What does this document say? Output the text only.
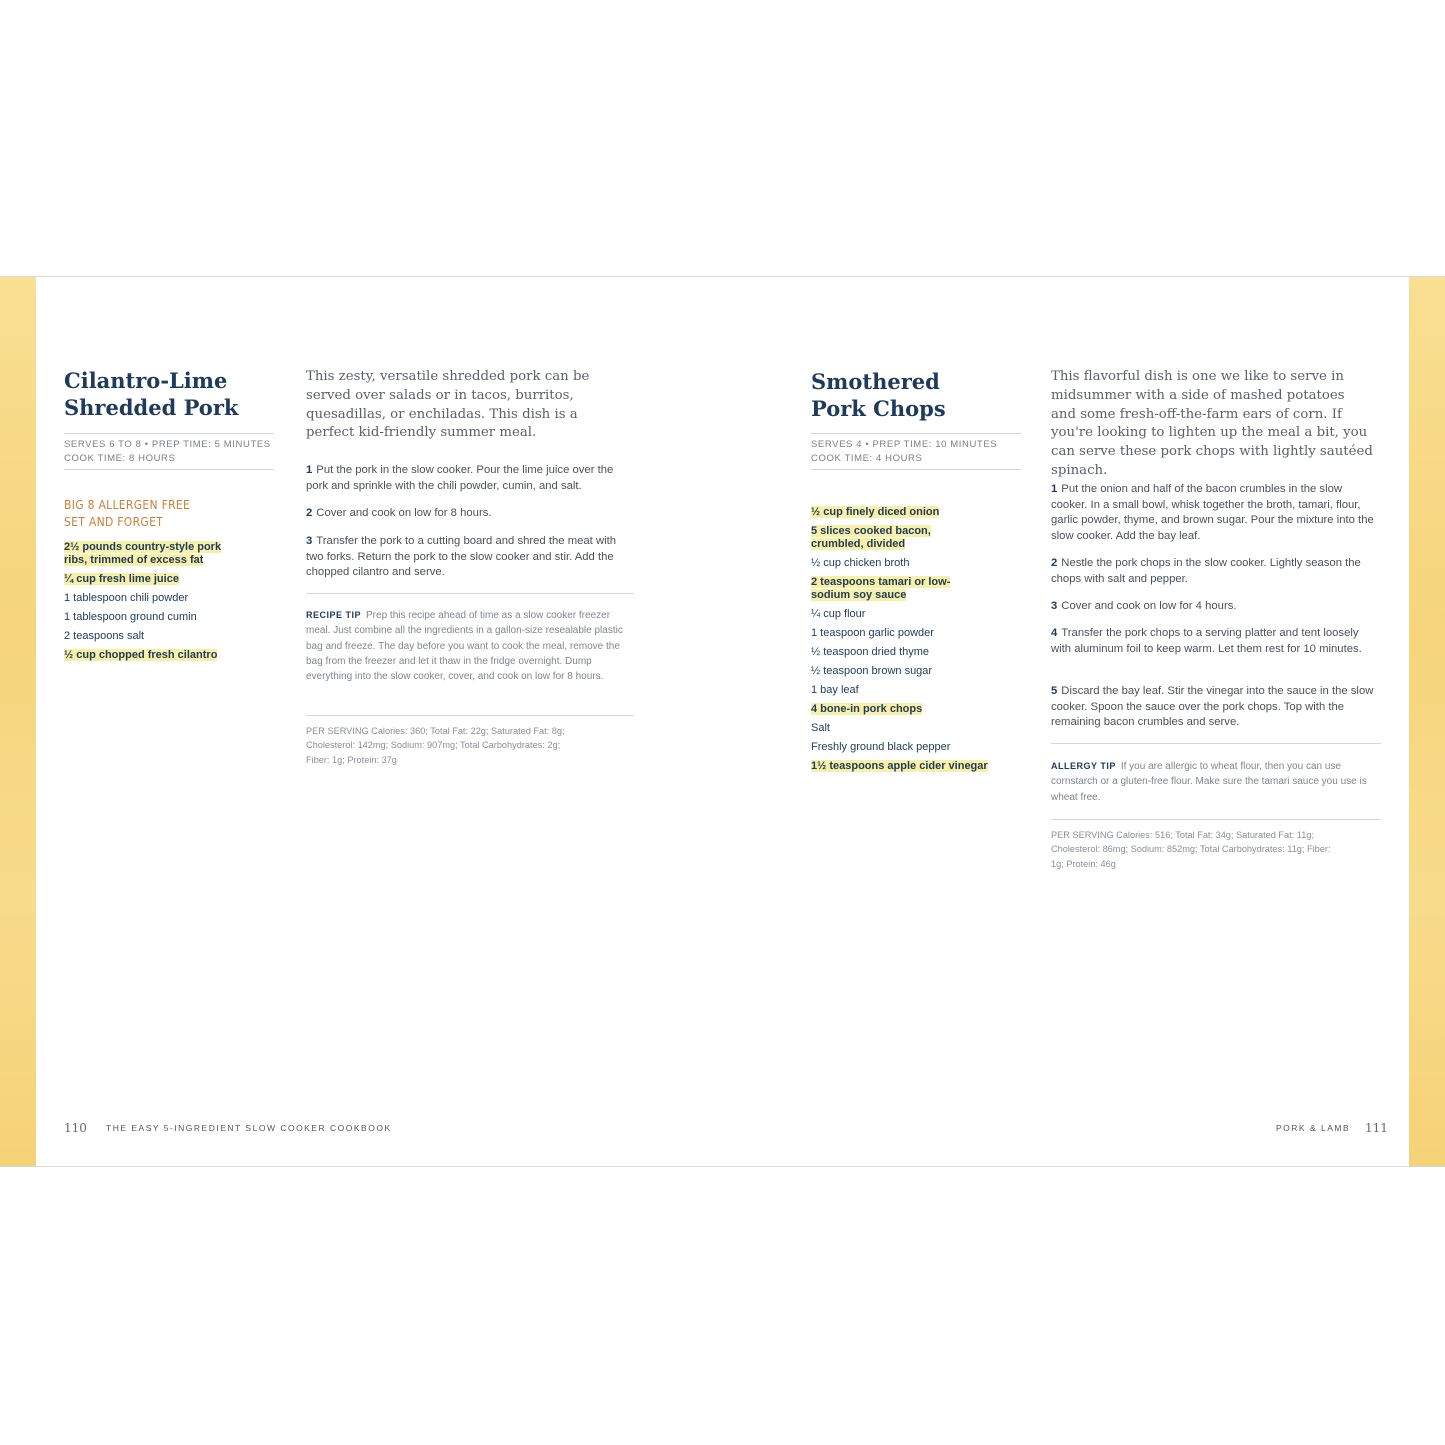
Cilantro-Lime
Shredded Pork
SERVES 6 TO 8 • PREP TIME: 5 MINUTES
COOK TIME: 8 HOURS
BIG 8 ALLERGEN FREE
SET AND FORGET
2½ pounds country-style pork
ribs, trimmed of excess fat
¼ cup fresh lime juice
1 tablespoon chili powder
1 tablespoon ground cumin
2 teaspoons salt
½ cup chopped fresh cilantro
This zesty, versatile shredded pork can be served over salads or in tacos, burritos, quesadillas, or enchiladas. This dish is a perfect kid-friendly summer meal.
1 Put the pork in the slow cooker. Pour the lime juice over the pork and sprinkle with the chili powder, cumin, and salt.
2 Cover and cook on low for 8 hours.
3 Transfer the pork to a cutting board and shred the meat with two forks. Return the pork to the slow cooker and stir. Add the chopped cilantro and serve.
RECIPE TIP Prep this recipe ahead of time as a slow cooker freezer meal. Just combine all the ingredients in a gallon-size resealable plastic bag and freeze. The day before you want to cook the meal, remove the bag from the freezer and let it thaw in the fridge overnight. Dump everything into the slow cooker, cover, and cook on low for 8 hours.
PER SERVING Calories: 360; Total Fat: 22g; Saturated Fat: 8g; Cholesterol: 142mg; Sodium: 907mg; Total Carbohydrates: 2g; Fiber: 1g; Protein: 37g
110 THE EASY 5-INGREDIENT SLOW COOKER COOKBOOK
Smothered
Pork Chops
SERVES 4 • PREP TIME: 10 MINUTES
COOK TIME: 4 HOURS
½ cup finely diced onion
5 slices cooked bacon,
crumbled, divided
½ cup chicken broth
2 teaspoons tamari or low-
sodium soy sauce
¼ cup flour
1 teaspoon garlic powder
½ teaspoon dried thyme
½ teaspoon brown sugar
1 bay leaf
4 bone-in pork chops
Salt
Freshly ground black pepper
1½ teaspoons apple cider vinegar
This flavorful dish is one we like to serve in midsummer with a side of mashed potatoes and some fresh-off-the-farm ears of corn. If you're looking to lighten up the meal a bit, you can serve these pork chops with lightly sautéed spinach.
1 Put the onion and half of the bacon crumbles in the slow cooker. In a small bowl, whisk together the broth, tamari, flour, garlic powder, thyme, and brown sugar. Pour the mixture into the slow cooker. Add the bay leaf.
2 Nestle the pork chops in the slow cooker. Lightly season the chops with salt and pepper.
3 Cover and cook on low for 4 hours.
4 Transfer the pork chops to a serving platter and tent loosely with aluminum foil to keep warm. Let them rest for 10 minutes.
5 Discard the bay leaf. Stir the vinegar into the sauce in the slow cooker. Spoon the sauce over the pork chops. Top with the remaining bacon crumbles and serve.
ALLERGY TIP If you are allergic to wheat flour, then you can use cornstarch or a gluten-free flour. Make sure the tamari sauce you use is wheat free.
PER SERVING Calories: 516; Total Fat: 34g; Saturated Fat: 11g; Cholesterol: 86mg; Sodium: 852mg; Total Carbohydrates: 11g; Fiber: 1g; Protein: 46g
PORK & LAMB 111
